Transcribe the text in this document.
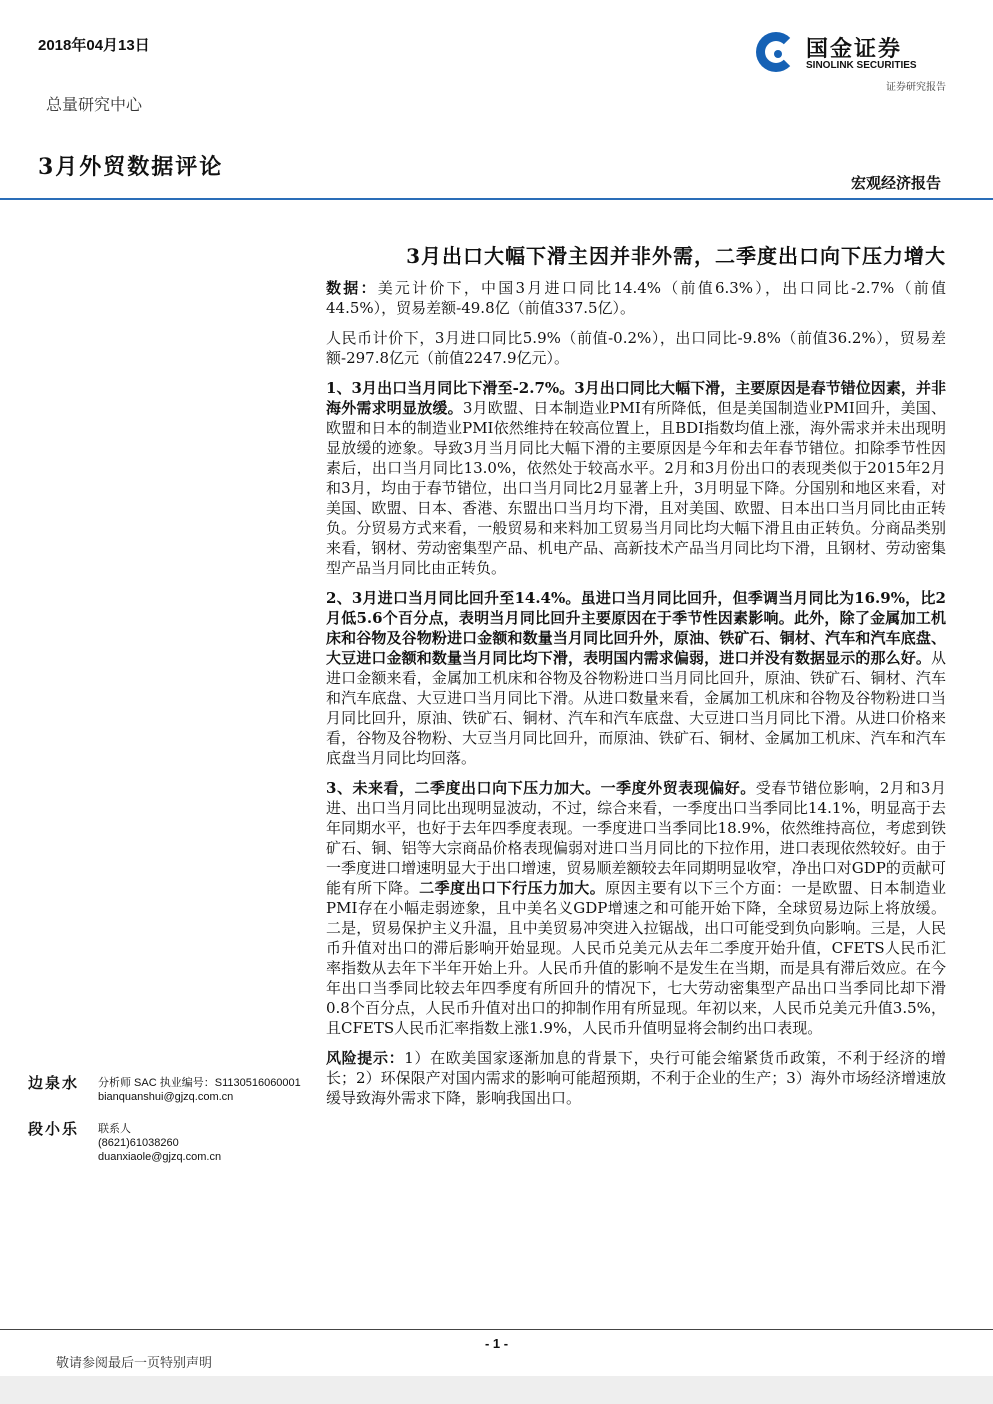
2018年04月13日
总量研究中心
3月外贸数据评论
国金证券
SINOLINK SECURITIES
证券研究报告
宏观经济报告
3月出口大幅下滑主因并非外需，二季度出口向下压力增大

数据：美元计价下，中国3月进口同比14.4%（前值6.3%），出口同比-2.7%（前值44.5%），贸易差额-49.8亿（前值337.5亿）。

人民币计价下，3月进口同比5.9%（前值-0.2%），出口同比-9.8%（前值36.2%），贸易差额-297.8亿元（前值2247.9亿元）。

1、3月出口当月同比下滑至-2.7%。3月出口同比大幅下滑，主要原因是春节错位因素，并非海外需求明显放缓。3月欧盟、日本制造业PMI有所降低，但是美国制造业PMI回升，美国、欧盟和日本的制造业PMI依然维持在较高位置上，且BDI指数均值上涨，海外需求并未出现明显放缓的迹象。导致3月当月同比大幅下滑的主要原因是今年和去年春节错位。扣除季节性因素后，出口当月同比13.0%，依然处于较高水平。2月和3月份出口的表现类似于2015年2月和3月，均由于春节错位，出口当月同比2月显著上升，3月明显下降。分国别和地区来看，对美国、欧盟、日本、香港、东盟出口当月均下滑，且对美国、欧盟、日本出口当月同比由正转负。分贸易方式来看，一般贸易和来料加工贸易当月同比均大幅下滑且由正转负。分商品类别来看，钢材、劳动密集型产品、机电产品、高新技术产品当月同比均下滑，且钢材、劳动密集型产品当月同比由正转负。

2、3月进口当月同比回升至14.4%。虽进口当月同比回升，但季调当月同比为16.9%，比2月低5.6个百分点，表明当月同比回升主要原因在于季节性因素影响。此外，除了金属加工机床和谷物及谷物粉进口金额和数量当月同比回升外，原油、铁矿石、铜材、汽车和汽车底盘、大豆进口金额和数量当月同比均下滑，表明国内需求偏弱，进口并没有数据显示的那么好。从进口金额来看，金属加工机床和谷物及谷物粉进口当月同比回升，原油、铁矿石、铜材、汽车和汽车底盘、大豆进口当月同比下滑。从进口数量来看，金属加工机床和谷物及谷物粉进口当月同比回升，原油、铁矿石、铜材、汽车和汽车底盘、大豆进口当月同比下滑。从进口价格来看，谷物及谷物粉、大豆当月同比回升，而原油、铁矿石、铜材、金属加工机床、汽车和汽车底盘当月同比均回落。

3、未来看，二季度出口向下压力加大。一季度外贸表现偏好。受春节错位影响，2月和3月进、出口当月同比出现明显波动，不过，综合来看，一季度出口当季同比14.1%，明显高于去年同期水平，也好于去年四季度表现。一季度进口当季同比18.9%，依然维持高位，考虑到铁矿石、铜、铝等大宗商品价格表现偏弱对进口当月同比的下拉作用，进口表现依然较好。由于一季度进口增速明显大于出口增速，贸易顺差额较去年同期明显收窄，净出口对GDP的贡献可能有所下降。二季度出口下行压力加大。原因主要有以下三个方面：一是欧盟、日本制造业PMI存在小幅走弱迹象，且中美名义GDP增速之和可能开始下降，全球贸易边际上将放缓。二是，贸易保护主义升温，且中美贸易冲突进入拉锯战，出口可能受到负向影响。三是，人民币升值对出口的滞后影响开始显现。人民币兑美元从去年二季度开始升值，CFETS人民币汇率指数从去年下半年开始上升。人民币升值的影响不是发生在当期，而是具有滞后效应。在今年出口当季同比较去年四季度有所回升的情况下，七大劳动密集型产品出口当季同比却下滑0.8个百分点，人民币升值对出口的抑制作用有所显现。年初以来，人民币兑美元升值3.5%，且CFETS人民币汇率指数上涨1.9%，人民币升值明显将会制约出口表现。

风险提示：1）在欧美国家逐渐加息的背景下，央行可能会缩紧货币政策，不利于经济的增长；2）环保限产对国内需求的影响可能超预期，不利于企业的生产；3）海外市场经济增速放缓导致海外需求下降，影响我国出口。

边泉水	分析师 SAC 执业编号：S1130516060001
bianquanshui@gjzq.com.cn
段小乐	联系人
(8621)61038260
duanxiaole@gjzq.com.cn
- 1 -
敬请参阅最后一页特别声明
